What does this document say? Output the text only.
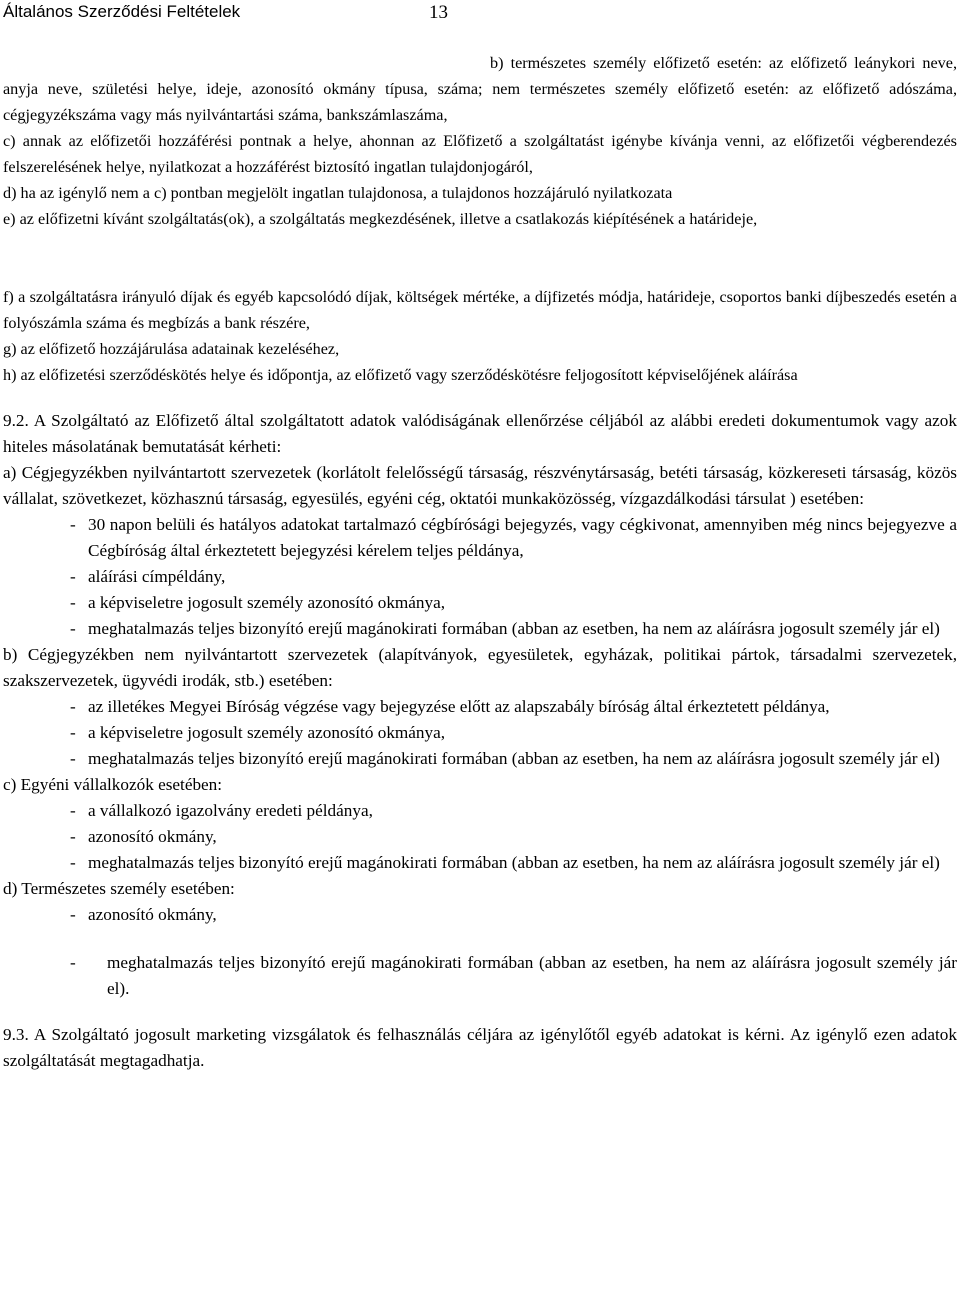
Általános Szerződési Feltételek	13

b) természetes személy előfizető esetén: az előfizető leánykori neve, anyja neve, születési helye, ideje, azonosító okmány típusa, száma; nem természetes személy előfizető esetén: az előfizető adószáma, cégjegyzékszáma vagy más nyilvántartási száma, bankszámlaszáma,

c) annak az előfizetői hozzáférési pontnak a helye, ahonnan az Előfizető a szolgáltatást igénybe kívánja venni, az előfizetői végberendezés felszerelésének helye, nyilatkozat a hozzáférést biztosító ingatlan tulajdonjogáról,

d) ha az igénylő nem a c) pontban megjelölt ingatlan tulajdonosa, a tulajdonos hozzájáruló nyilatkozata

e) az előfizetni kívánt szolgáltatás(ok), a szolgáltatás megkezdésének, illetve a csatlakozás kiépítésének a határideje,

f) a szolgáltatásra irányuló díjak és egyéb kapcsolódó díjak, költségek mértéke, a díjfizetés módja, határideje, csoportos banki díjbeszedés esetén a folyószámla száma és megbízás a bank részére,

g) az előfizető hozzájárulása adatainak kezeléséhez,

h) az előfizetési szerződéskötés helye és időpontja, az előfizető vagy szerződéskötésre feljogosított képviselőjének aláírása

9.2. A Szolgáltató az Előfizető által szolgáltatott adatok valódiságának ellenőrzése céljából az alábbi eredeti dokumentumok vagy azok hiteles másolatának bemutatását kérheti:

a) Cégjegyzékben nyilvántartott szervezetek (korlátolt felelősségű társaság, részvénytársaság, betéti társaság, közkereseti társaság, közös vállalat, szövetkezet, közhasznú társaság, egyesülés, egyéni cég, oktatói munkaközösség, vízgazdálkodási társulat ) esetében:

- 30 napon belüli és hatályos adatokat tartalmazó cégbírósági bejegyzés, vagy cégkivonat, amennyiben még nincs bejegyezve a Cégbíróság által érkeztetett bejegyzési kérelem teljes példánya,
- aláírási címpéldány,
- a képviseletre jogosult személy azonosító okmánya,
- meghatalmazás teljes bizonyító erejű magánokirati formában (abban az esetben, ha nem az aláírásra jogosult személy jár el)

b) Cégjegyzékben nem nyilvántartott szervezetek (alapítványok, egyesületek, egyházak, politikai pártok, társadalmi szervezetek, szakszervezetek, ügyvédi irodák, stb.) esetében:

- az illetékes Megyei Bíróság végzése vagy bejegyzése előtt az alapszabály bíróság által érkeztetett példánya,
- a képviseletre jogosult személy azonosító okmánya,
- meghatalmazás teljes bizonyító erejű magánokirati formában (abban az esetben, ha nem az aláírásra jogosult személy jár el)

c) Egyéni vállalkozók esetében:

- a vállalkozó igazolvány eredeti példánya,
- azonosító okmány,
- meghatalmazás teljes bizonyító erejű magánokirati formában (abban az esetben, ha nem az aláírásra jogosult személy jár el)

d) Természetes személy esetében:

- azonosító okmány,
-	meghatalmazás teljes bizonyító erejű magánokirati formában (abban az esetben, ha nem az aláírásra jogosult személy jár el).

9.3. A Szolgáltató jogosult marketing vizsgálatok és felhasználás céljára az igénylőtől egyéb adatokat is kérni. Az igénylő ezen adatok szolgáltatását megtagadhatja.
